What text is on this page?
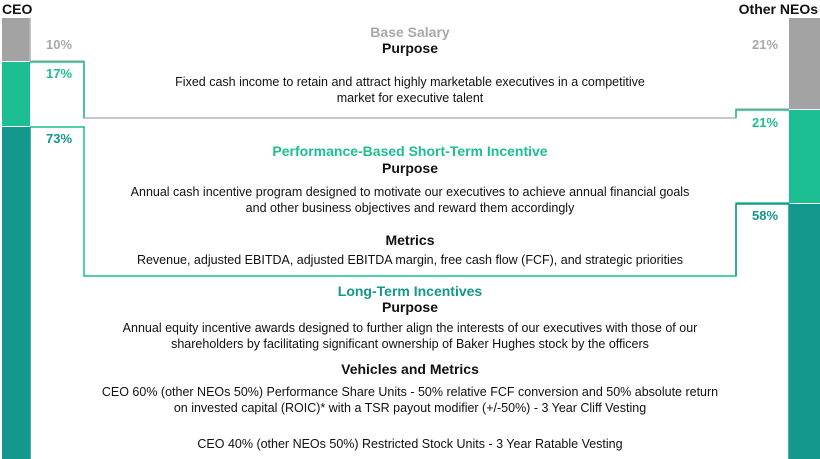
CEO	Other NEOs
10%
17%
73%
21%
21%
58%
Base Salary
Purpose
Fixed cash income to retain and attract highly marketable executives in a competitive market for executive talent
Performance-Based Short-Term Incentive
Purpose
Annual cash incentive program designed to motivate our executives to achieve annual financial goals and other business objectives and reward them accordingly
Metrics
Revenue, adjusted EBITDA, adjusted EBITDA margin, free cash flow (FCF), and strategic priorities
Long-Term Incentives
Purpose
Annual equity incentive awards designed to further align the interests of our executives with those of our shareholders by facilitating significant ownership of Baker Hughes stock by the officers
Vehicles and Metrics
CEO 60% (other NEOs 50%) Performance Share Units - 50% relative FCF conversion and 50% absolute return on invested capital (ROIC)* with a TSR payout modifier (+/-50%) - 3 Year Cliff Vesting
CEO 40% (other NEOs 50%) Restricted Stock Units - 3 Year Ratable Vesting
